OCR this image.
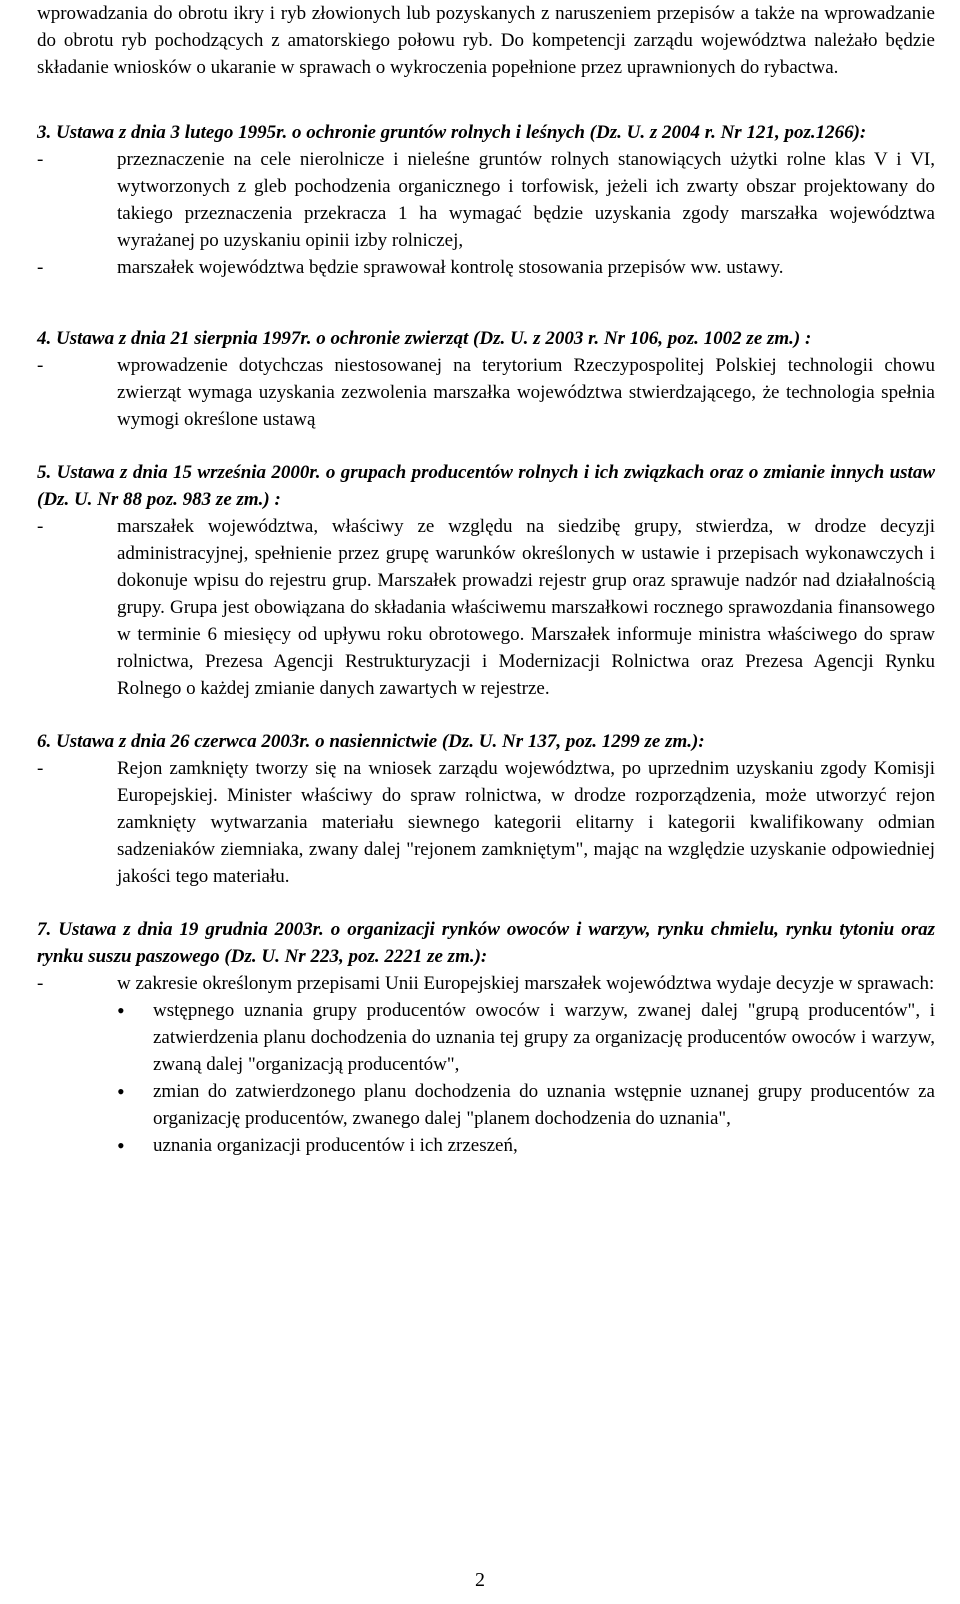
wprowadzania do obrotu ikry i ryb złowionych lub pozyskanych z naruszeniem przepisów a także na wprowadzanie do obrotu ryb pochodzących z amatorskiego połowu ryb. Do kompetencji zarządu województwa należało będzie składanie wniosków o ukaranie w sprawach o wykroczenia popełnione przez uprawnionych do rybactwa.

3. Ustawa z dnia 3 lutego 1995r. o ochronie gruntów rolnych i leśnych (Dz. U. z 2004 r. Nr 121, poz.1266):

-	przeznaczenie na cele nierolnicze i nieleśne gruntów rolnych stanowiących użytki rolne klas V i VI, wytworzonych z gleb pochodzenia organicznego i torfowisk, jeżeli ich zwarty obszar projektowany do takiego przeznaczenia przekracza 1 ha wymagać będzie uzyskania zgody marszałka województwa wyrażanej po uzyskaniu opinii izby rolniczej,
-	marszałek województwa będzie sprawował kontrolę stosowania przepisów ww. ustawy.

4. Ustawa z dnia 21 sierpnia 1997r. o ochronie zwierząt (Dz. U. z 2003 r. Nr 106, poz. 1002 ze zm.) :

-	wprowadzenie dotychczas niestosowanej na terytorium Rzeczypospolitej Polskiej technologii chowu zwierząt wymaga uzyskania zezwolenia marszałka województwa stwierdzającego, że technologia spełnia wymogi określone ustawą

5. Ustawa z dnia 15 września 2000r. o grupach producentów rolnych i ich związkach oraz o zmianie innych ustaw (Dz. U. Nr 88 poz. 983 ze zm.) :

-	marszałek województwa, właściwy ze względu na siedzibę grupy, stwierdza, w drodze decyzji administracyjnej, spełnienie przez grupę warunków określonych w ustawie i przepisach wykonawczych i dokonuje wpisu do rejestru grup. Marszałek prowadzi rejestr grup oraz sprawuje nadzór nad działalnością grupy. Grupa jest obowiązana do składania właściwemu marszałkowi rocznego sprawozdania finansowego w terminie 6 miesięcy od upływu roku obrotowego. Marszałek informuje ministra właściwego do spraw rolnictwa, Prezesa Agencji Restrukturyzacji i Modernizacji Rolnictwa oraz Prezesa Agencji Rynku Rolnego o każdej zmianie danych zawartych w rejestrze.

6. Ustawa z dnia 26 czerwca 2003r. o nasiennictwie (Dz. U. Nr 137, poz. 1299 ze zm.):

-	Rejon zamknięty tworzy się na wniosek zarządu województwa, po uprzednim uzyskaniu zgody Komisji Europejskiej. Minister właściwy do spraw rolnictwa, w drodze rozporządzenia, może utworzyć rejon zamknięty wytwarzania materiału siewnego kategorii elitarny i kategorii kwalifikowany odmian sadzeniaków ziemniaka, zwany dalej "rejonem zamkniętym", mając na względzie uzyskanie odpowiedniej jakości tego materiału.

7. Ustawa z dnia 19 grudnia 2003r. o organizacji rynków owoców i warzyw, rynku chmielu, rynku tytoniu oraz rynku suszu paszowego (Dz. U. Nr 223, poz. 2221 ze zm.):

-	w zakresie określonym przepisami Unii Europejskiej marszałek województwa wydaje decyzje w sprawach:
•	wstępnego uznania grupy producentów owoców i warzyw, zwanej dalej "grupą producentów", i zatwierdzenia planu dochodzenia do uznania tej grupy za organizację producentów owoców i warzyw, zwaną dalej "organizacją producentów",
•	zmian do zatwierdzonego planu dochodzenia do uznania wstępnie uznanej grupy producentów za organizację producentów, zwanego dalej "planem dochodzenia do uznania",
•	uznania organizacji producentów i ich zrzeszeń,
2
